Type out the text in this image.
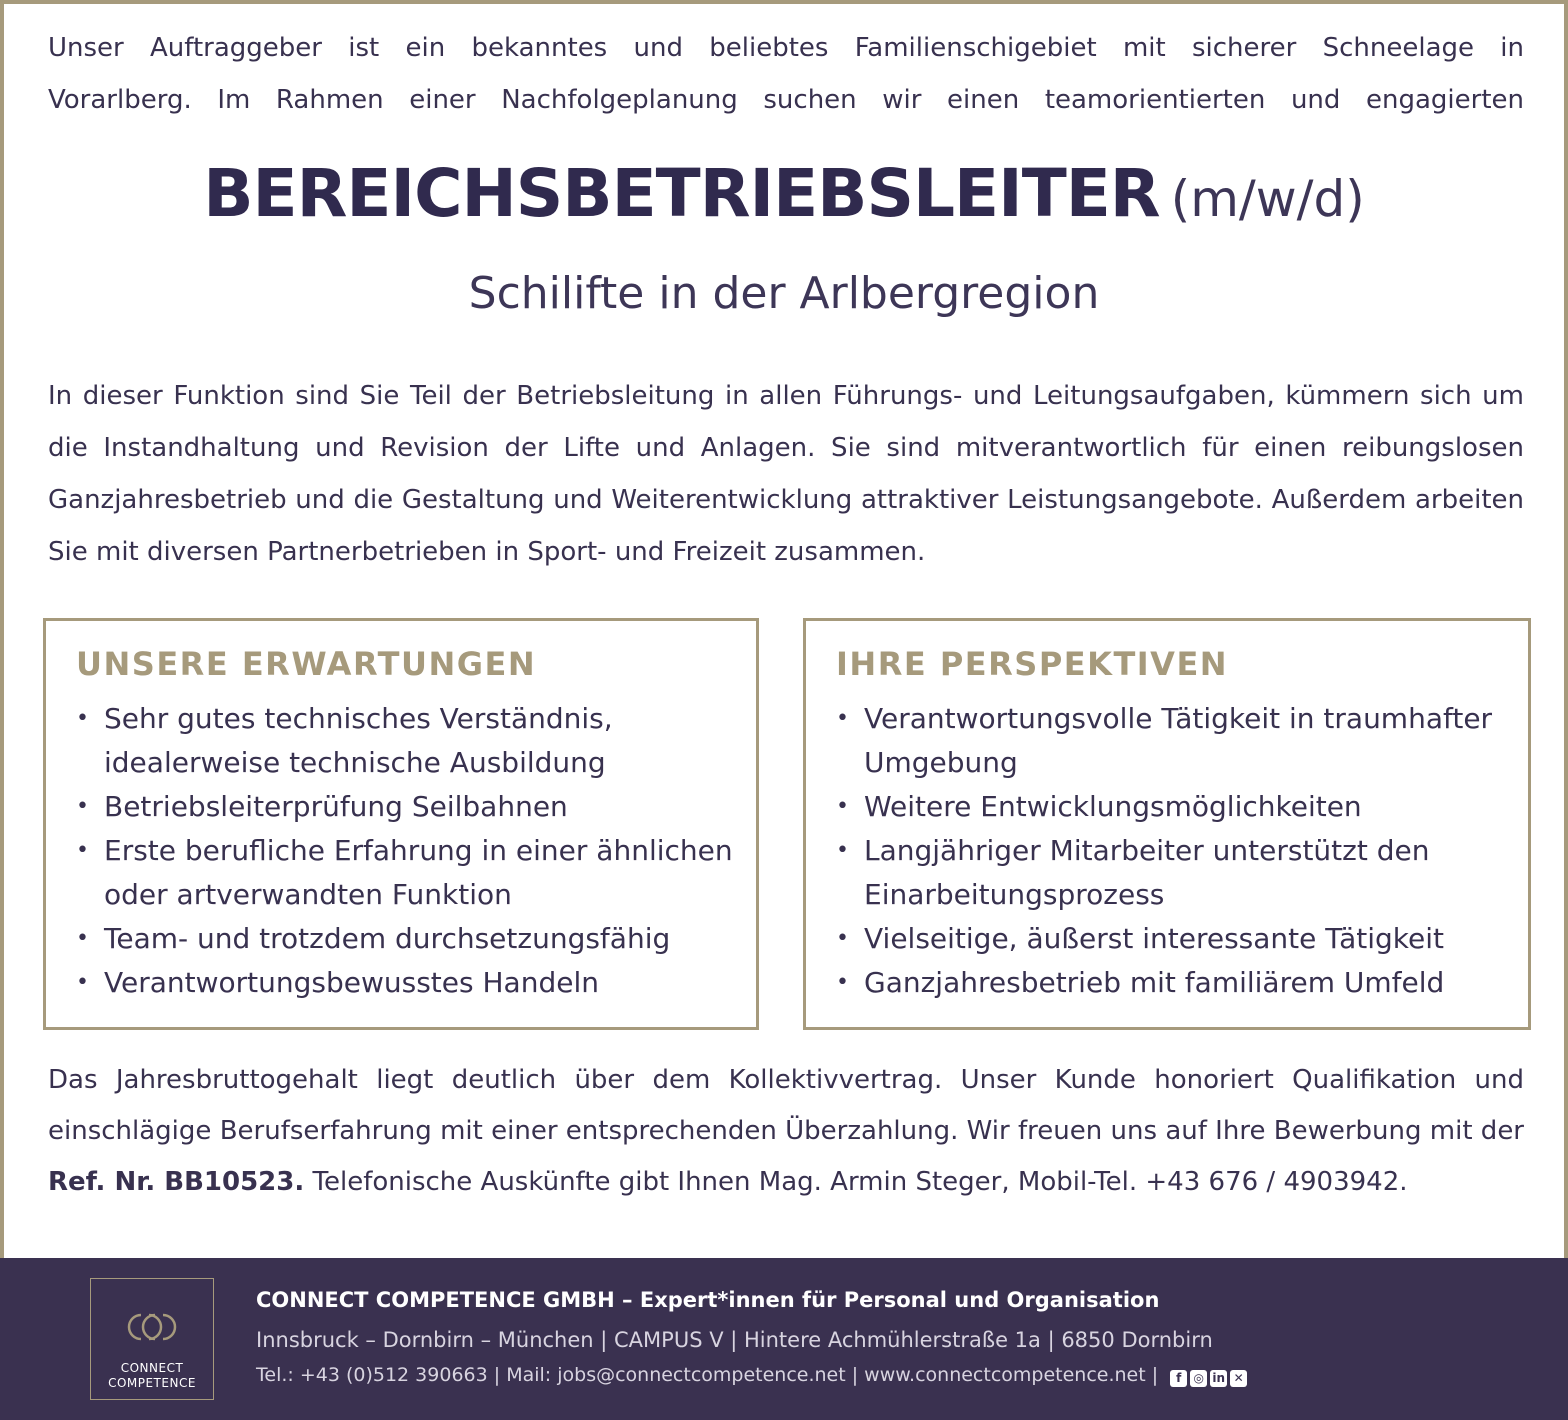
Unser Auftraggeber ist ein bekanntes und beliebtes Familienschigebiet mit sicherer Schneelage in
Vorarlberg. Im Rahmen einer Nachfolgeplanung suchen wir einen teamorientierten und engagierten
BEREICHSBETRIEBSLEITER (m/w/d)
Schilifte in der Arlbergregion
In dieser Funktion sind Sie Teil der Betriebsleitung in allen Führungs- und Leitungsaufgaben, kümmern sich um die Instandhaltung und Revision der Lifte und Anlagen. Sie sind mitverantwortlich für einen reibungslosen Ganzjahresbetrieb und die Gestaltung und Weiterentwicklung attraktiver Leistungsangebote. Außerdem arbeiten Sie mit diversen Partnerbetrieben in Sport- und Freizeit zusammen.
UNSERE ERWARTUNGEN
• Sehr gutes technisches Verständnis, idealerweise technische Ausbildung
• Betriebsleiterprüfung Seilbahnen
• Erste berufliche Erfahrung in einer ähnlichen oder artverwandten Funktion
• Team- und trotzdem durchsetzungsfähig
• Verantwortungsbewusstes Handeln
IHRE PERSPEKTIVEN
• Verantwortungsvolle Tätigkeit in traumhafter Umgebung
• Weitere Entwicklungsmöglichkeiten
• Langjähriger Mitarbeiter unterstützt den Einarbeitungsprozess
• Vielseitige, äußerst interessante Tätigkeit
• Ganzjahresbetrieb mit familiärem Umfeld
Das Jahresbruttogehalt liegt deutlich über dem Kollektivvertrag. Unser Kunde honoriert Qualifikation und einschlägige Berufserfahrung mit einer entsprechenden Überzahlung. Wir freuen uns auf Ihre Bewerbung mit der Ref. Nr. BB10523. Telefonische Auskünfte gibt Ihnen Mag. Armin Steger, Mobil-Tel. +43 676 / 4903942.
CONNECT
COMPETENCE
CONNECT COMPETENCE GMBH – Expert*innen für Personal und Organisation
Innsbruck – Dornbirn – München | CAMPUS V | Hintere Achmühlerstraße 1a | 6850 Dornbirn
Tel.: +43 (0)512 390663 | Mail: jobs@connectcompetence.net | www.connectcompetence.net | f ◎ in ✕
